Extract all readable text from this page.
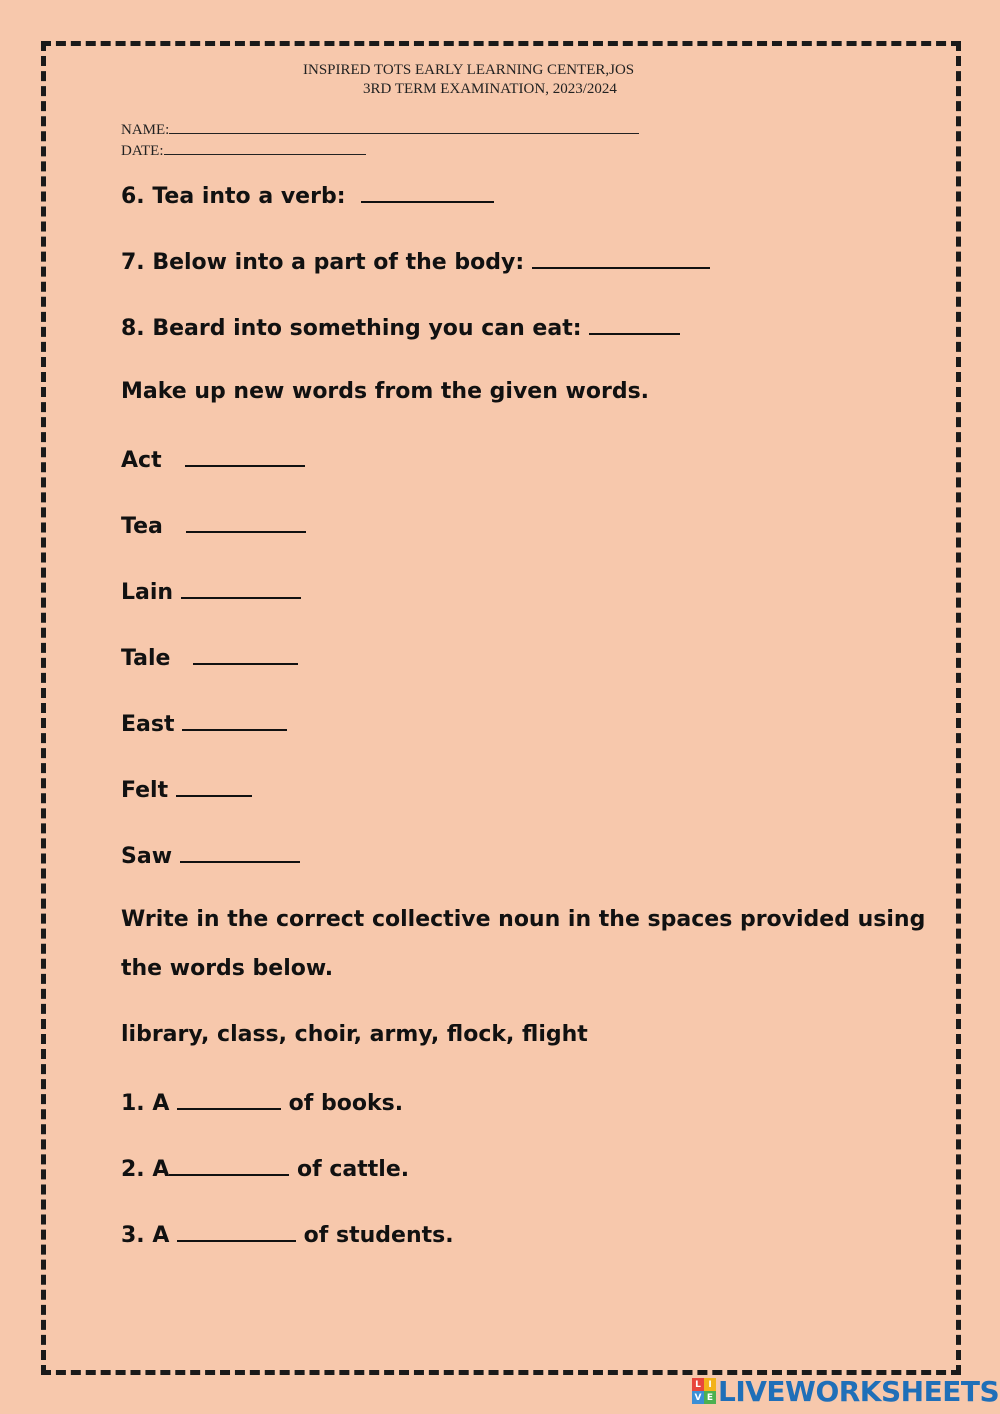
INSPIRED TOTS EARLY LEARNING CENTER,JOS
3RD TERM EXAMINATION, 2023/2024
NAME:
DATE:
6. Tea into a verb:
7. Below into a part of the body:
8. Beard into something you can eat:
Make up new words from the given words.
Act
Tea
Lain
Tale
East
Felt
Saw
Write in the correct collective noun in the spaces provided using
the words below.
library, class, choir, army, flock, flight
1. A	of books.
2. A	of cattle.
3. A	of students.
L I
V E LIVEWORKSHEETS
